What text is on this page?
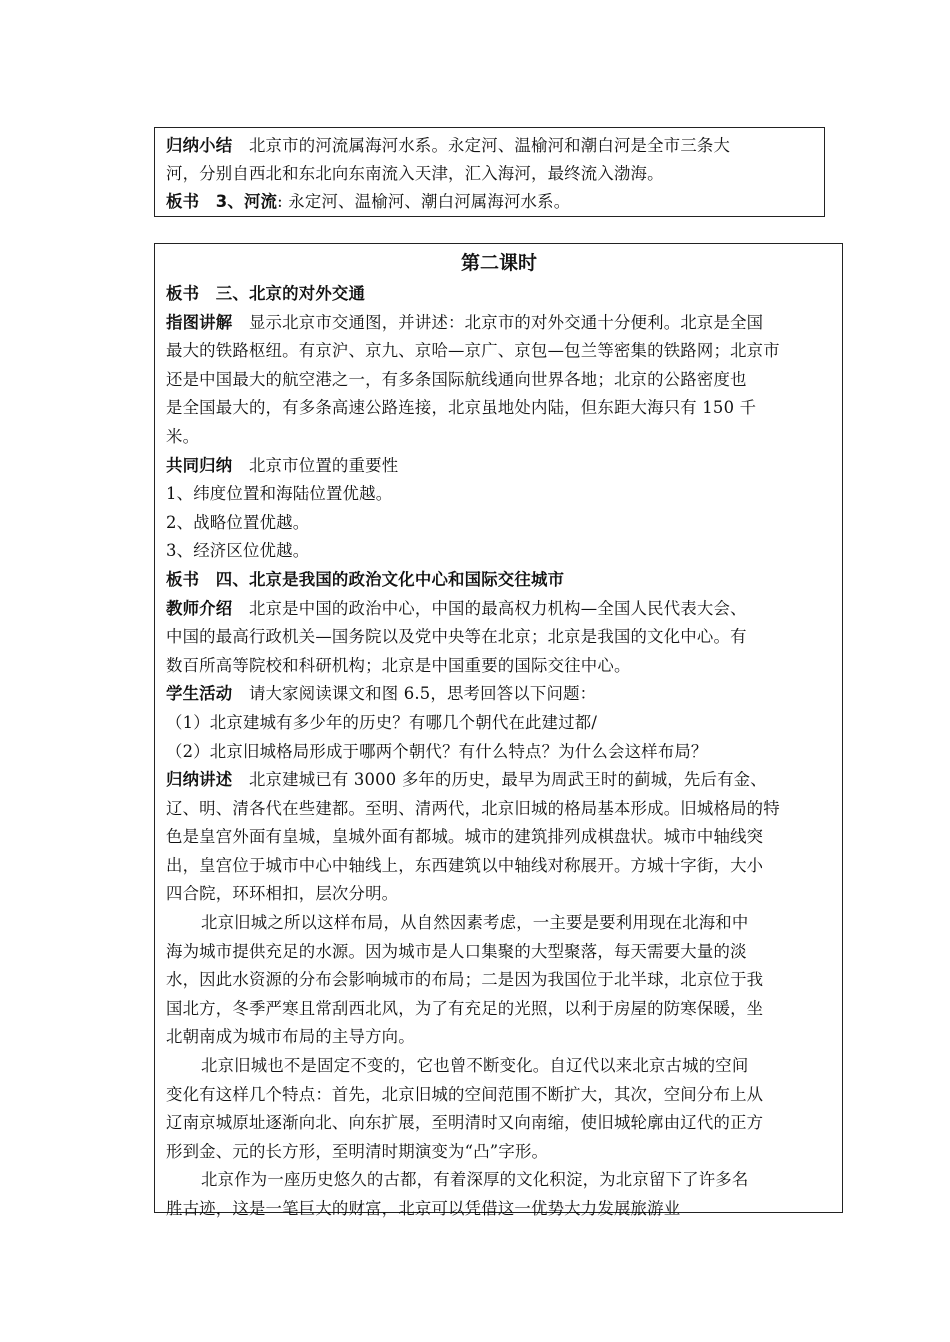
归纳小结　北京市的河流属海河水系。永定河、温榆河和潮白河是全市三条大
河，分别自西北和东北向东南流入天津，汇入海河，最终流入渤海。
板书　3、河流: 永定河、温榆河、潮白河属海河水系。
第二课时
板书　三、北京的对外交通
指图讲解　显示北京市交通图，并讲述：北京市的对外交通十分便利。北京是全国
最大的铁路枢纽。有京沪、京九、京哈—京广、京包—包兰等密集的铁路网；北京市
还是中国最大的航空港之一，有多条国际航线通向世界各地；北京的公路密度也
是全国最大的，有多条高速公路连接，北京虽地处内陆，但东距大海只有 150 千
米。
共同归纳　北京市位置的重要性
1、纬度位置和海陆位置优越。
2、战略位置优越。
3、经济区位优越。
板书　四、北京是我国的政治文化中心和国际交往城市
教师介绍　北京是中国的政治中心，中国的最高权力机构—全国人民代表大会、
中国的最高行政机关—国务院以及党中央等在北京；北京是我国的文化中心。有
数百所高等院校和科研机构；北京是中国重要的国际交往中心。
学生活动　请大家阅读课文和图 6.5，思考回答以下问题：
（1）北京建城有多少年的历史？有哪几个朝代在此建过都/
（2）北京旧城格局形成于哪两个朝代？有什么特点？为什么会这样布局？
归纳讲述　北京建城已有 3000 多年的历史，最早为周武王时的蓟城，先后有金、
辽、明、清各代在些建都。至明、清两代，北京旧城的格局基本形成。旧城格局的特
色是皇宫外面有皇城，皇城外面有都城。城市的建筑排列成棋盘状。城市中轴线突
出，皇宫位于城市中心中轴线上，东西建筑以中轴线对称展开。方城十字街，大小
四合院，环环相扣，层次分明。
北京旧城之所以这样布局，从自然因素考虑，一主要是要利用现在北海和中
海为城市提供充足的水源。因为城市是人口集聚的大型聚落，每天需要大量的淡
水，因此水资源的分布会影响城市的布局；二是因为我国位于北半球，北京位于我
国北方，冬季严寒且常刮西北风，为了有充足的光照，以利于房屋的防寒保暖，坐
北朝南成为城市布局的主导方向。
北京旧城也不是固定不变的，它也曾不断变化。自辽代以来北京古城的空间
变化有这样几个特点：首先，北京旧城的空间范围不断扩大，其次，空间分布上从
辽南京城原址逐渐向北、向东扩展，至明清时又向南缩，使旧城轮廓由辽代的正方
形到金、元的长方形，至明清时期演变为“凸”字形。
北京作为一座历史悠久的古都，有着深厚的文化积淀，为北京留下了许多名
胜古迹，这是一笔巨大的财富，北京可以凭借这一优势大力发展旅游业
